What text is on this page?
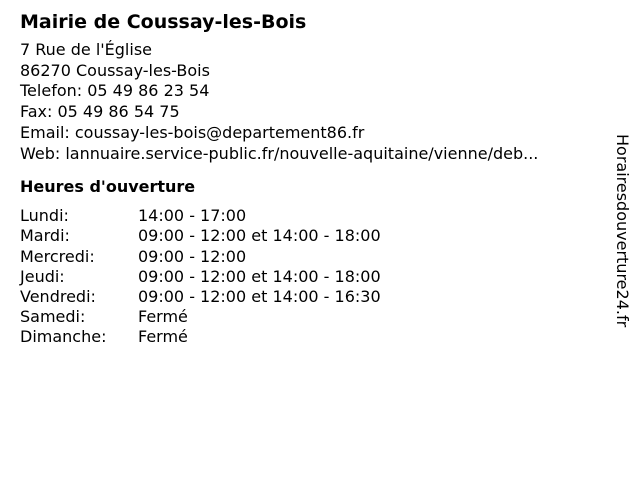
Mairie de Coussay-les-Bois
7 Rue de l'Église
86270 Coussay-les-Bois
Telefon: 05 49 86 23 54
Fax: 05 49 86 54 75
Email: coussay-les-bois@departement86.fr
Web: lannuaire.service-public.fr/nouvelle-aquitaine/vienne/deb...
Heures d'ouverture
Lundi:	14:00 - 17:00
Mardi:	09:00 - 12:00 et 14:00 - 18:00
Mercredi:	09:00 - 12:00
Jeudi:	09:00 - 12:00 et 14:00 - 18:00
Vendredi:	09:00 - 12:00 et 14:00 - 16:30
Samedi:	Fermé
Dimanche:	Fermé
Horairesdouverture24.fr
